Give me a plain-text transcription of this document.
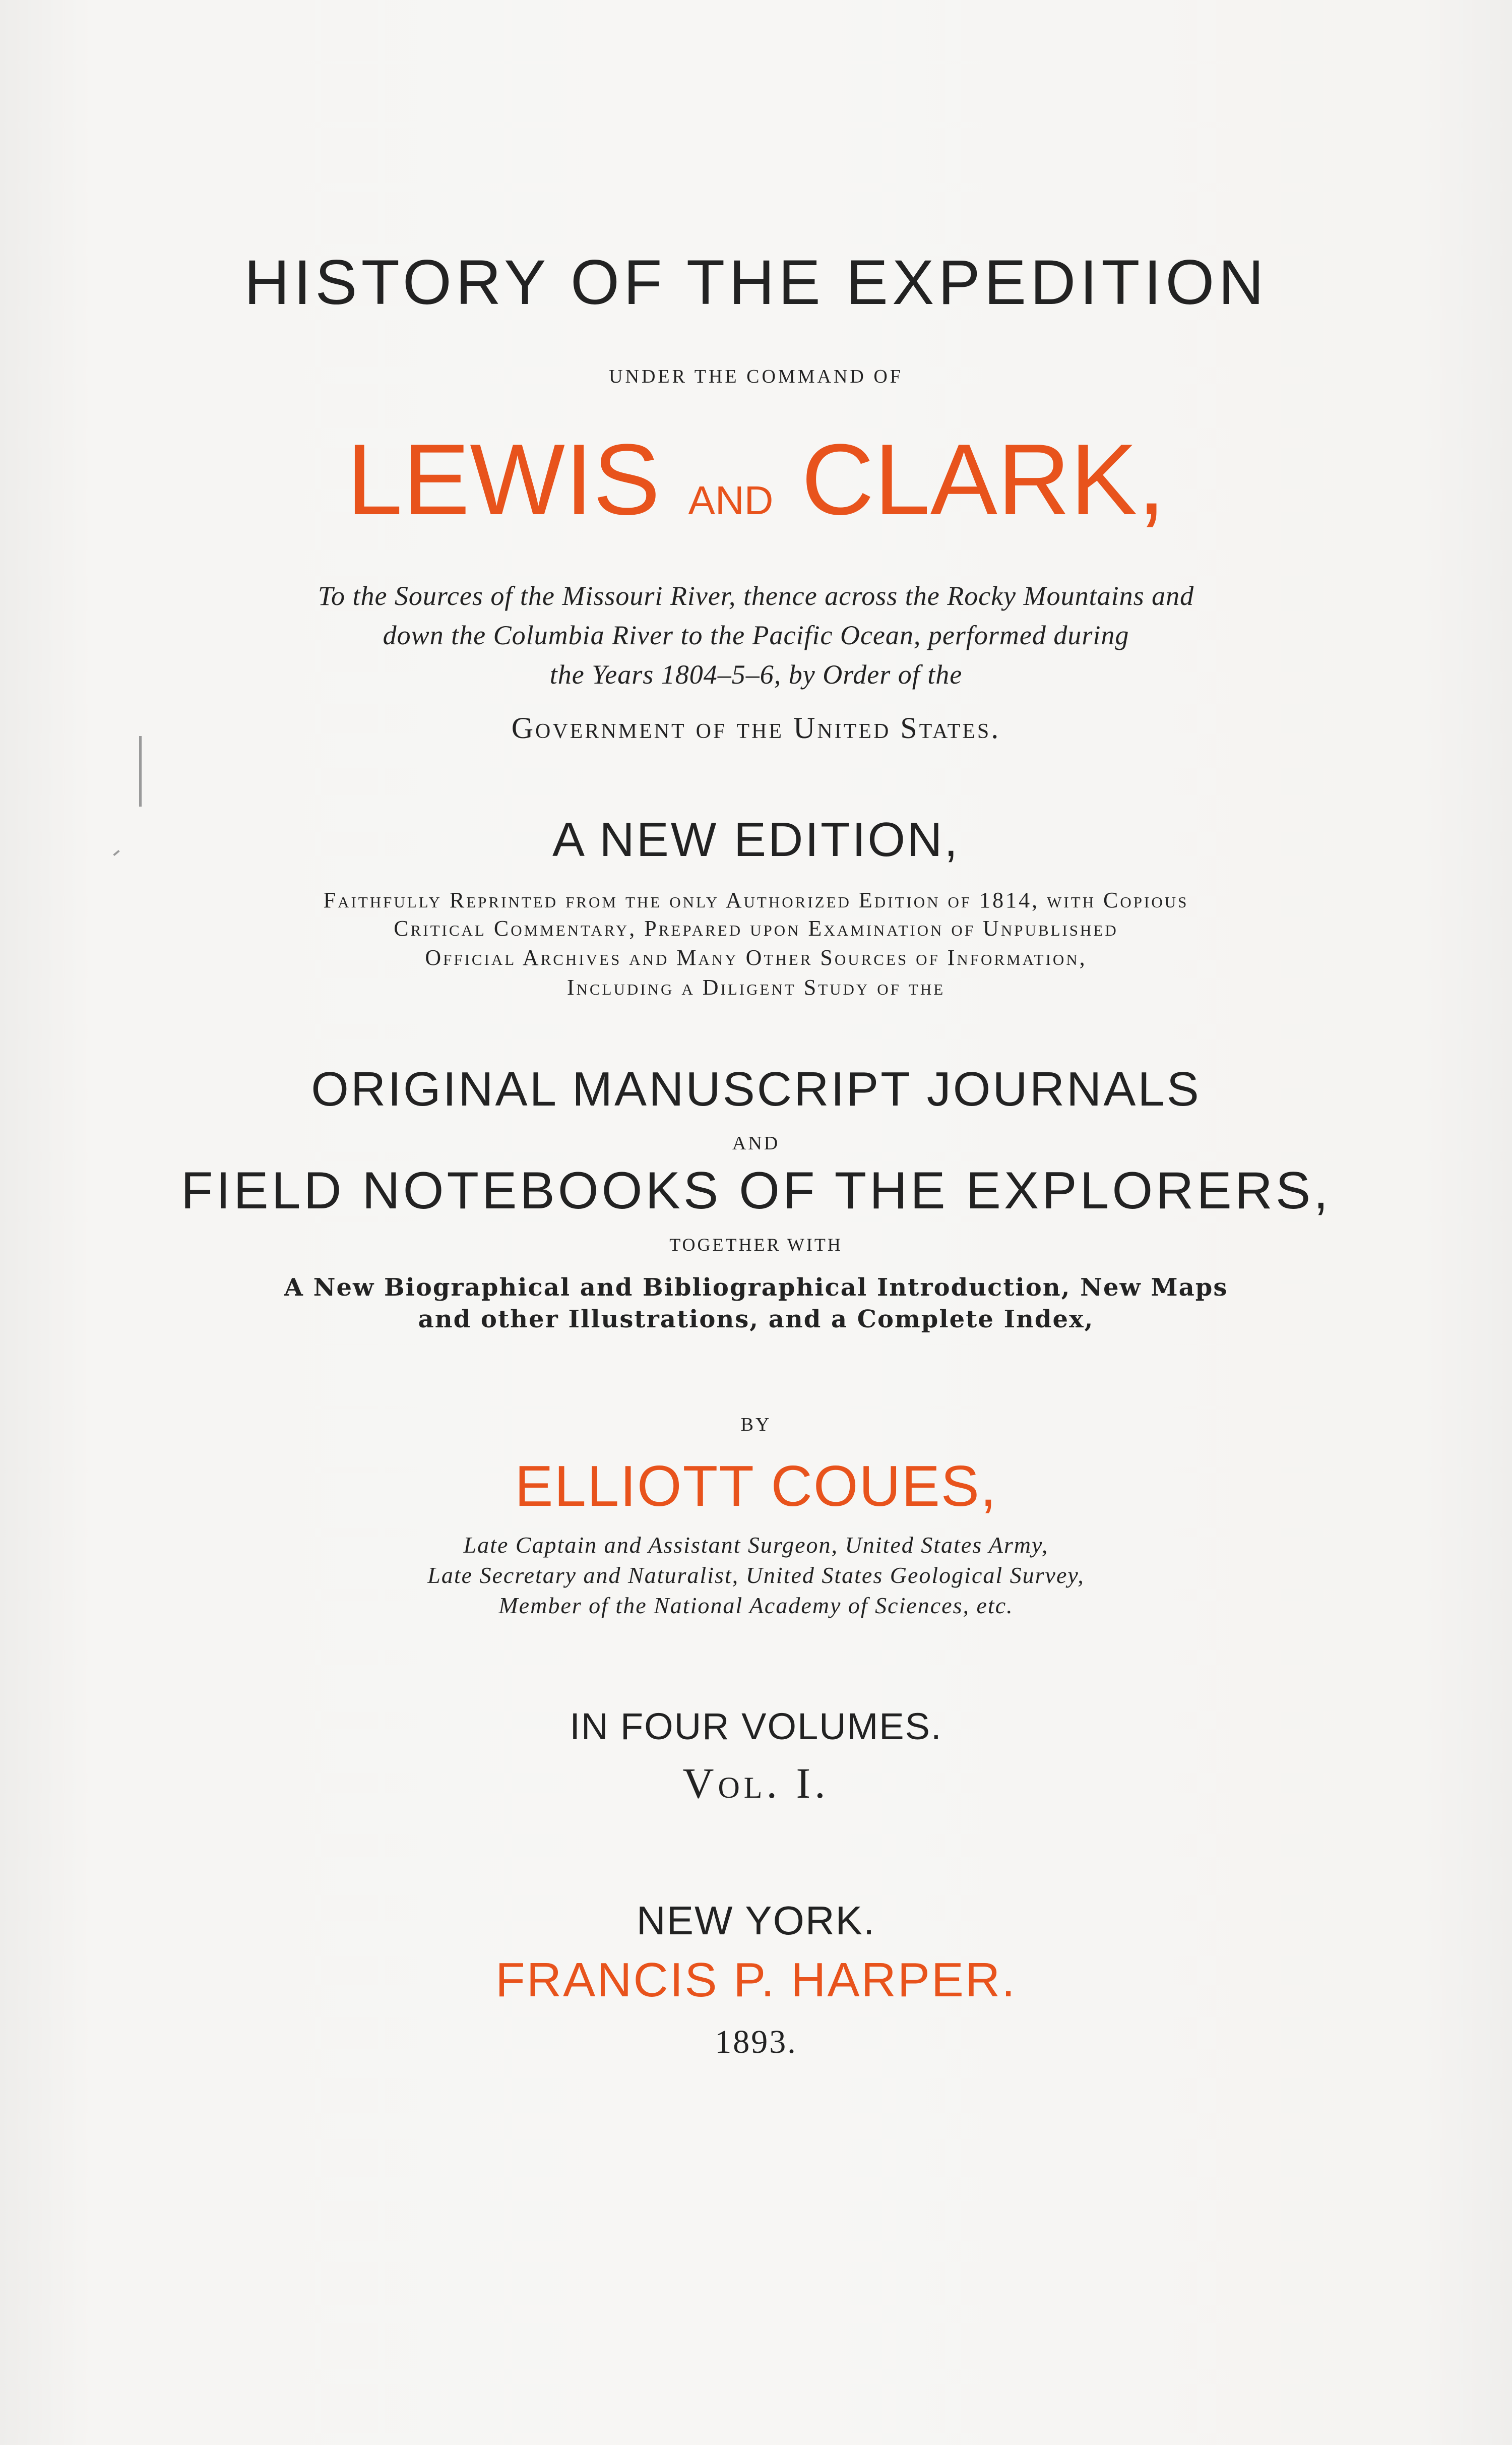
HISTORY OF THE EXPEDITION
UNDER THE COMMAND OF
LEWIS AND CLARK,
To the Sources of the Missouri River, thence across the Rocky Mountains and
down the Columbia River to the Pacific Ocean, performed during
the Years 1804–5–6, by Order of the
Government of the United States.
A NEW EDITION,
Faithfully Reprinted from the only Authorized Edition of 1814, with Copious
Critical Commentary, Prepared upon Examination of Unpublished
Official Archives and Many Other Sources of Information,
Including a Diligent Study of the
ORIGINAL MANUSCRIPT JOURNALS
AND
FIELD NOTEBOOKS OF THE EXPLORERS,
TOGETHER WITH
A New Biographical and Bibliographical Introduction, New Maps
and other Illustrations, and a Complete Index,
BY
ELLIOTT COUES,
Late Captain and Assistant Surgeon, United States Army,
Late Secretary and Naturalist, United States Geological Survey,
Member of the National Academy of Sciences, etc.
IN FOUR VOLUMES.
Vol. I.
NEW YORK.
FRANCIS P. HARPER.
1893.
